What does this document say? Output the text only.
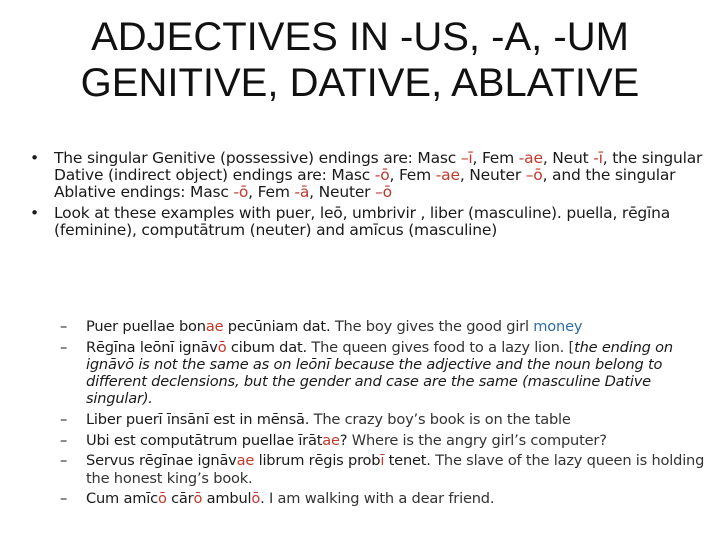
ADJECTIVES IN -US, -A, -UM
GENITIVE, DATIVE, ABLATIVE
• The singular Genitive (possessive) endings are: Masc –ī, Fem -ae, Neut -ī, the singular Dative (indirect object) endings are: Masc -ō, Fem -ae, Neuter –ō, and the singular Ablative endings: Masc -ō, Fem -ā, Neuter –ō
• Look at these examples with puer, leō, umbrivir , liber (masculine). puella, rēgīna (feminine), computātrum (neuter) and amīcus (masculine)
– Puer puellae bonae pecūniam dat. The boy gives the good girl money
– Rēgīna leōnī ignāvō cibum dat. The queen gives food to a lazy lion. [the ending on ignāvō is not the same as on leōnī because the adjective and the noun belong to different declensions, but the gender and case are the same (masculine Dative singular).
– Liber puerī īnsānī est in mēnsā. The crazy boy’s book is on the table
– Ubi est computātrum puellae īrātae? Where is the angry girl’s computer?
– Servus rēgīnae ignāvae librum rēgis probī tenet. The slave of the lazy queen is holding the honest king’s book.
– Cum amīcō cārō ambulō. I am walking with a dear friend.
